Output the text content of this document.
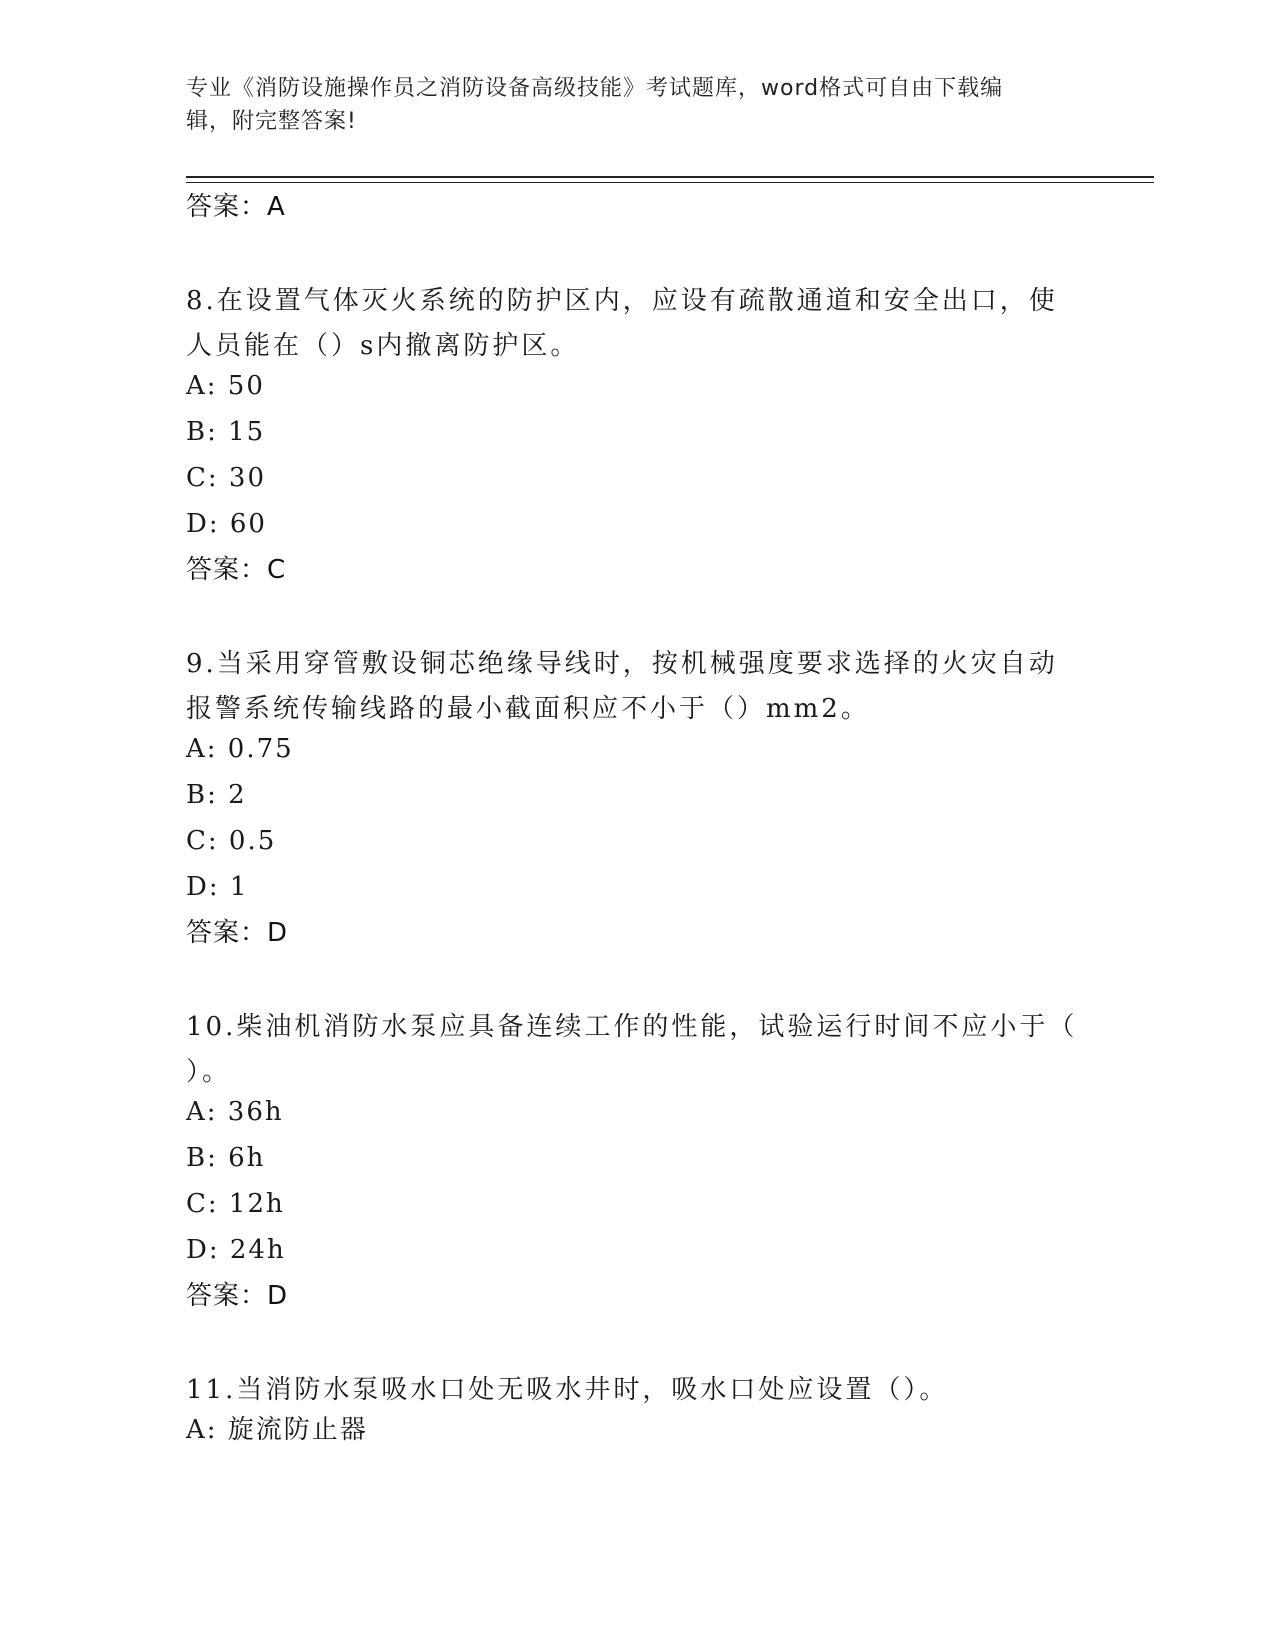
专业《消防设施操作员之消防设备高级技能》考试题库，word格式可自由下载编
辑，附完整答案!
答案：A
8.在设置气体灭火系统的防护区内，应设有疏散通道和安全出口，使
人员能在（）s内撤离防护区。
A: 50
B: 15
C: 30
D: 60
答案：C
9.当采用穿管敷设铜芯绝缘导线时，按机械强度要求选择的火灾自动
报警系统传输线路的最小截面积应不小于（）mm2。
A: 0.75
B: 2
C: 0.5
D: 1
答案：D
10.柴油机消防水泵应具备连续工作的性能，试验运行时间不应小于（
）。
A: 36h
B: 6h
C: 12h
D: 24h
答案：D
11.当消防水泵吸水口处无吸水井时，吸水口处应设置（）。
A: 旋流防止器
